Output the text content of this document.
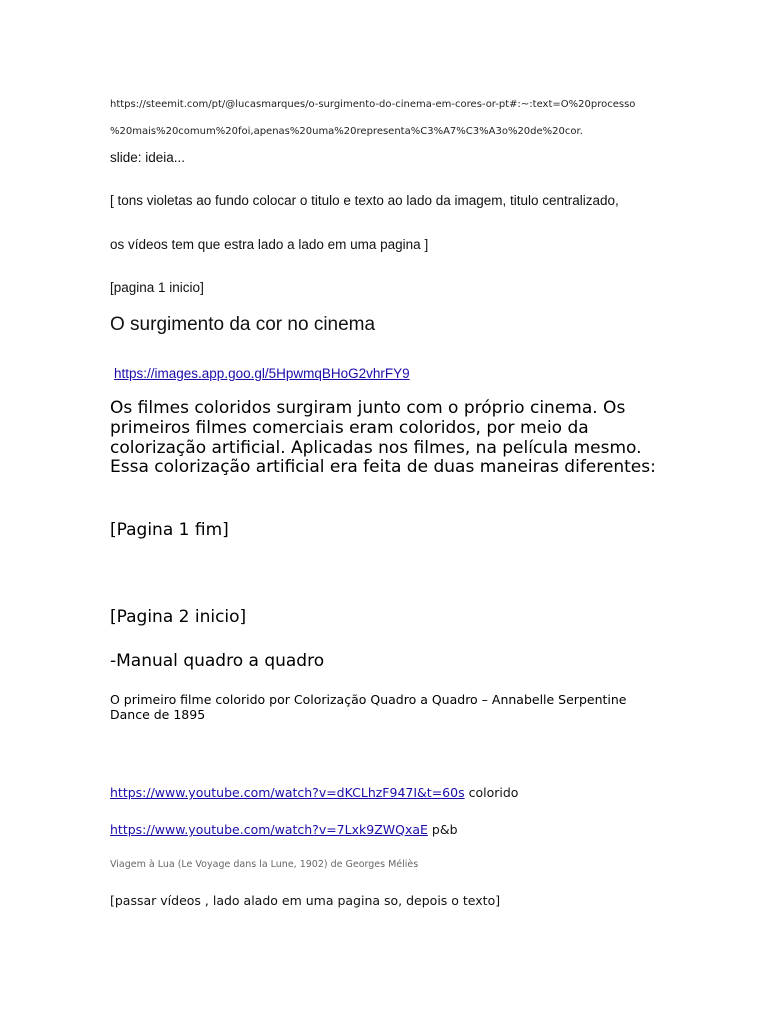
https://steemit.com/pt/@lucasmarques/o-surgimento-do-cinema-em-cores-or-pt#:~:text=O%20processo

%20mais%20comum%20foi,apenas%20uma%20representa%C3%A7%C3%A3o%20de%20cor.

slide: ideia...

[ tons violetas ao fundo colocar o titulo e texto ao lado da imagem, titulo centralizado,

os vídeos tem que estra lado a lado em uma pagina ]

[pagina 1 inicio]

O surgimento da cor no cinema
https://images.app.goo.gl/5HpwmqBHoG2vhrFY9

Os filmes coloridos surgiram junto com o próprio cinema. Os primeiros filmes comerciais eram coloridos, por meio da colorização artificial. Aplicadas nos filmes, na película mesmo. Essa colorização artificial era feita de duas maneiras diferentes:

[Pagina 1 fim]

[Pagina 2 inicio]

-Manual quadro a quadro

O primeiro filme colorido por Colorização Quadro a Quadro – Annabelle Serpentine Dance de 1895

https://www.youtube.com/watch?v=dKCLhzF947I&t=60s colorido
https://www.youtube.com/watch?v=7Lxk9ZWQxaE p&b

Viagem à Lua (Le Voyage dans la Lune, 1902) de Georges Méliès

[passar vídeos , lado alado em uma pagina so, depois o texto]
